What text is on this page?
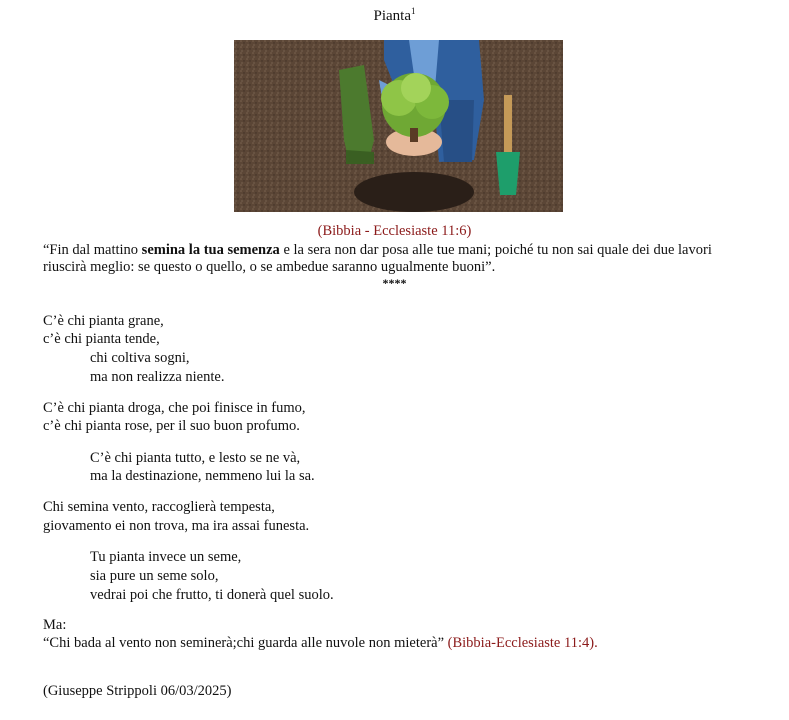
Pianta$^1$
(Bibbia - Ecclesiaste 11:6)
“Fin dal mattino semina la tua semenza e la sera non dar posa alle tue mani; poiché tu non sai quale dei due lavori riuscirà meglio: se questo o quello, o se ambedue saranno ugualmente buoni”.
****
C’è chi pianta grane,
c’è chi pianta tende,
chi coltiva sogni,
ma non realizza niente.
C’è chi pianta droga, che poi finisce in fumo,
c’è chi pianta rose, per il suo buon profumo.
C’è chi pianta tutto, e lesto se ne và,
ma la destinazione, nemmeno lui la sa.
Chi semina vento, raccoglierà tempesta,
giovamento ei non trova, ma ira assai funesta.
Tu pianta invece un seme,
sia pure un seme solo,
vedrai poi che frutto, ti donerà quel suolo.
Ma:
“Chi bada al vento non seminerà;chi guarda alle nuvole non mieterà” (Bibbia-Ecclesiaste 11:4).
(Giuseppe Strippoli 06/03/2025)
